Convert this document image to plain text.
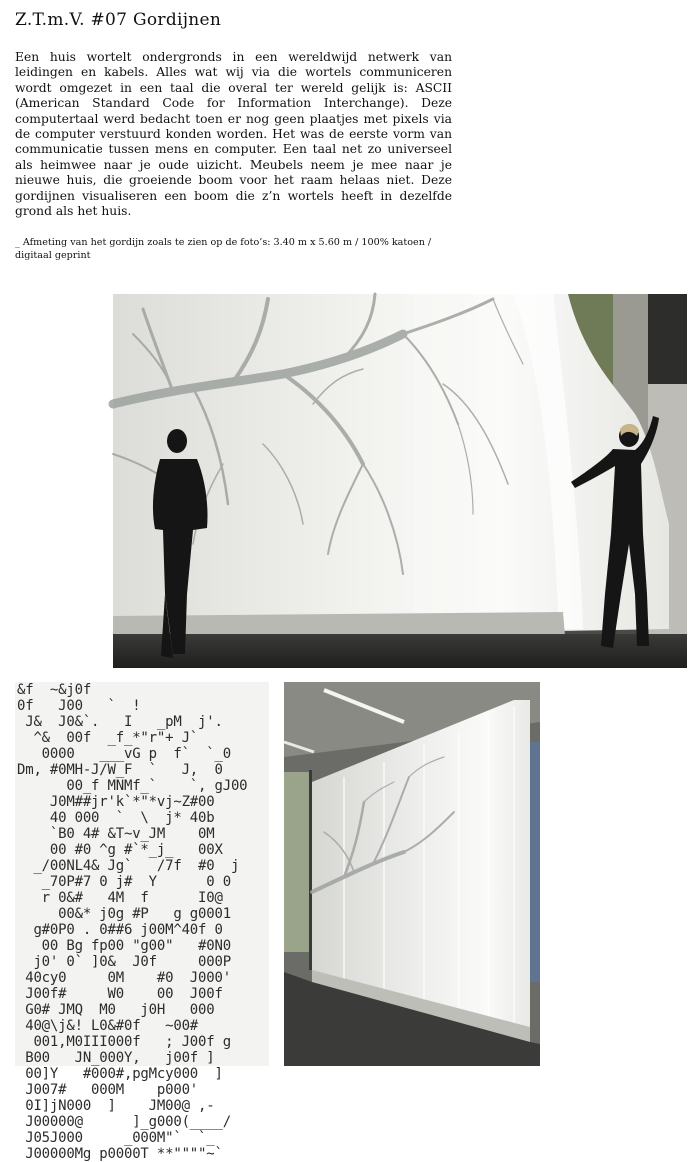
Z.T.m.V. #07 Gordijnen

Een huis wortelt ondergronds in een wereldwijd netwerk van leidingen en kabels. Alles wat wij via die wortels communiceren wordt omgezet in een taal die overal ter wereld gelijk is: ASCII (American Standard Code for Information Interchange). Deze computertaal werd bedacht toen er nog geen plaatjes met pixels via de computer verstuurd konden worden. Het was de eerste vorm van communicatie tussen mens en computer. Een taal net zo universeel als heimwee naar je oude uizicht. Meubels neem je mee naar je nieuwe huis, die groeiende boom voor het raam helaas niet. Deze gordijnen visualiseren een boom die z’n wortels heeft in dezelfde grond als het huis.

_ Afmeting van het gordijn zoals te zien op de foto’s: 3.40 m x 5.60 m / 100% katoen / digitaal geprint

&f  ~&j0f
0f   J00   `  !
J&  J0&`.   I   _pM  j'.
^&  00f  _f_*"r"+ J`
0000   ___vG p  f`  `_0
Dm, #0MH-J/W_F  `   J,  0
00_f MNMf_`    `, gJ00
J0M##jr'k`*"*vj~Z#00
40 000  `  \  j* 40b
`B0 4# &T~v_JM    0M
00 #0 ^g #`*_j_   00X
_/00NL4& Jg`   /7f  #0  j
_70P#7 0 j#  Y      0 0
r 0&#   4M  f      I0@
00&* j0g #P   g g0001
g#0P0 . 0##6 j00M^40f 0
00 Bg fp00 "g00"   #0N0
j0' 0` ]0&  J0f     000P
40cy0     0M    #0  J000'
J00f#     W0    00  J00f
G0# JMQ  M0   j0H   000
40@\j&! L0&#0f   ~00#
001,M0III000f   ; J00f g
B00   JN_000Y,   j00f ]
00]Y   #000#,pgMcy000  ]
J007#   000M    p000'
0I]jN000  ]    JM00@ ,-
J00000@      ]_g000(____/
J05J000     _000M"`  `_
J00000Mg p0000T **""""~`
